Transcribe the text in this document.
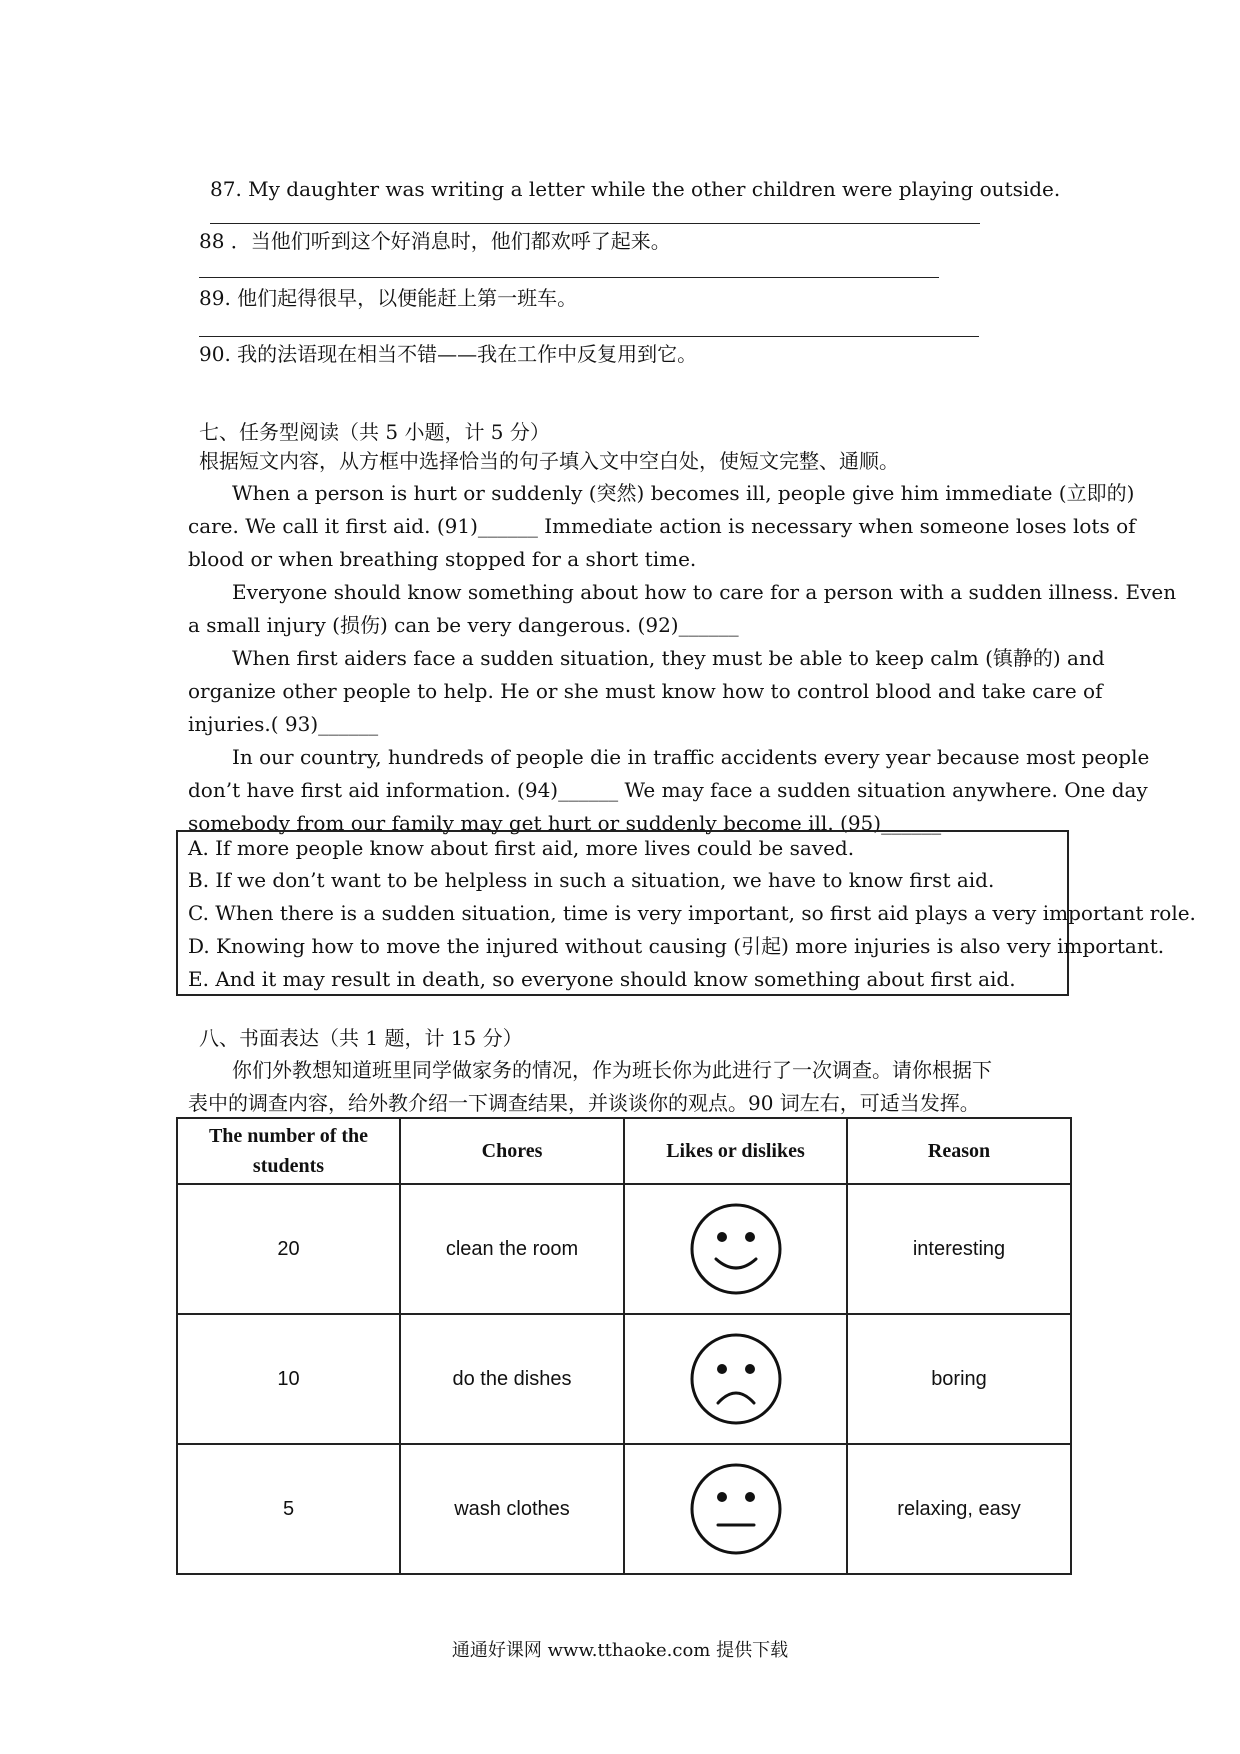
87. My daughter was writing a letter while the other children were playing outside.
88 ．当他们听到这个好消息时，他们都欢呼了起来。
89. 他们起得很早，以便能赶上第一班车。
90. 我的法语现在相当不错——我在工作中反复用到它。
七、任务型阅读（共 5 小题，计 5 分）
根据短文内容，从方框中选择恰当的句子填入文中空白处，使短文完整、通顺。
When a person is hurt or suddenly (突然) becomes ill, people give him immediate (立即的)
care. We call it first aid. (91)______ Immediate action is necessary when someone loses lots of
blood or when breathing stopped for a short time.
Everyone should know something about how to care for a person with a sudden illness. Even
a small injury (损伤) can be very dangerous. (92)______
When first aiders face a sudden situation, they must be able to keep calm (镇静的) and
organize other people to help. He or she must know how to control blood and take care of
injuries.( 93)______
In our country, hundreds of people die in traffic accidents every year because most people
don’t have first aid information. (94)______ We may face a sudden situation anywhere. One day
somebody from our family may get hurt or suddenly become ill. (95)______
A. If more people know about first aid, more lives could be saved.
B. If we don’t want to be helpless in such a situation, we have to know first aid.
C. When there is a sudden situation, time is very important, so first aid plays a very important role.
D. Knowing how to move the injured without causing (引起) more injuries is also very important.
E. And it may result in death, so everyone should know something about first aid.
八、书面表达（共 1 题，计 15 分）
你们外教想知道班里同学做家务的情况，作为班长你为此进行了一次调查。请你根据下
表中的调查内容，给外教介绍一下调查结果，并谈谈你的观点。90 词左右，可适当发挥。
The number of the students	Chores	Likes or dislikes	Reason
20	clean the room		interesting
10	do the dishes		boring
5	wash clothes		relaxing, easy
通通好课网 www.tthaoke.com 提供下载
